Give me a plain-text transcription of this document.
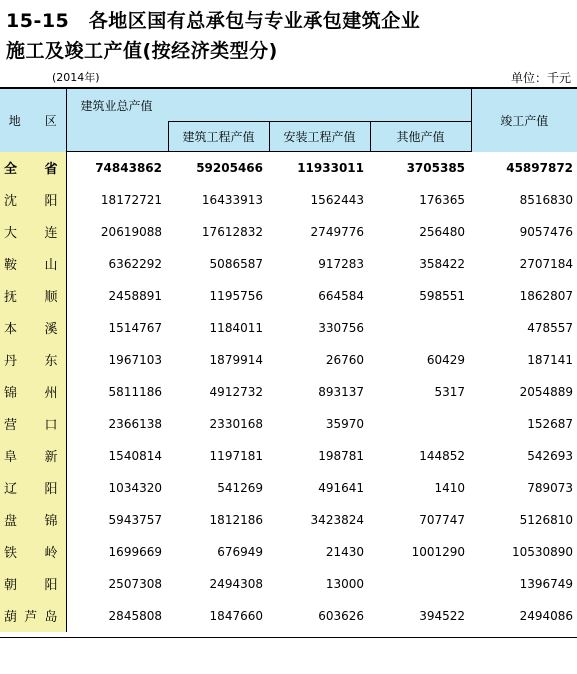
15-15　各地区国有总承包与专业承包建筑企业
施工及竣工产值(按经济类型分)
(2014年)	单位：千元
地　　区	建筑业总产值				竣工产值
		建筑工程产值	安装工程产值	其他产值	

全 省	74843862	59205466	11933011	3705385	45897872

沈 阳	18172721	16433913	1562443	176365	8516830

大 连	20619088	17612832	2749776	256480	9057476

鞍 山	6362292	5086587	917283	358422	2707184

抚 顺	2458891	1195756	664584	598551	1862807

本 溪	1514767	1184011	330756		478557

丹 东	1967103	1879914	26760	60429	187141

锦 州	5811186	4912732	893137	5317	2054889

营 口	2366138	2330168	35970		152687

阜 新	1540814	1197181	198781	144852	542693

辽 阳	1034320	541269	491641	1410	789073

盘 锦	5943757	1812186	3423824	707747	5126810

铁 岭	1699669	676949	21430	1001290	10530890

朝 阳	2507308	2494308	13000		1396749

葫 芦 岛	2845808	1847660	603626	394522	2494086
